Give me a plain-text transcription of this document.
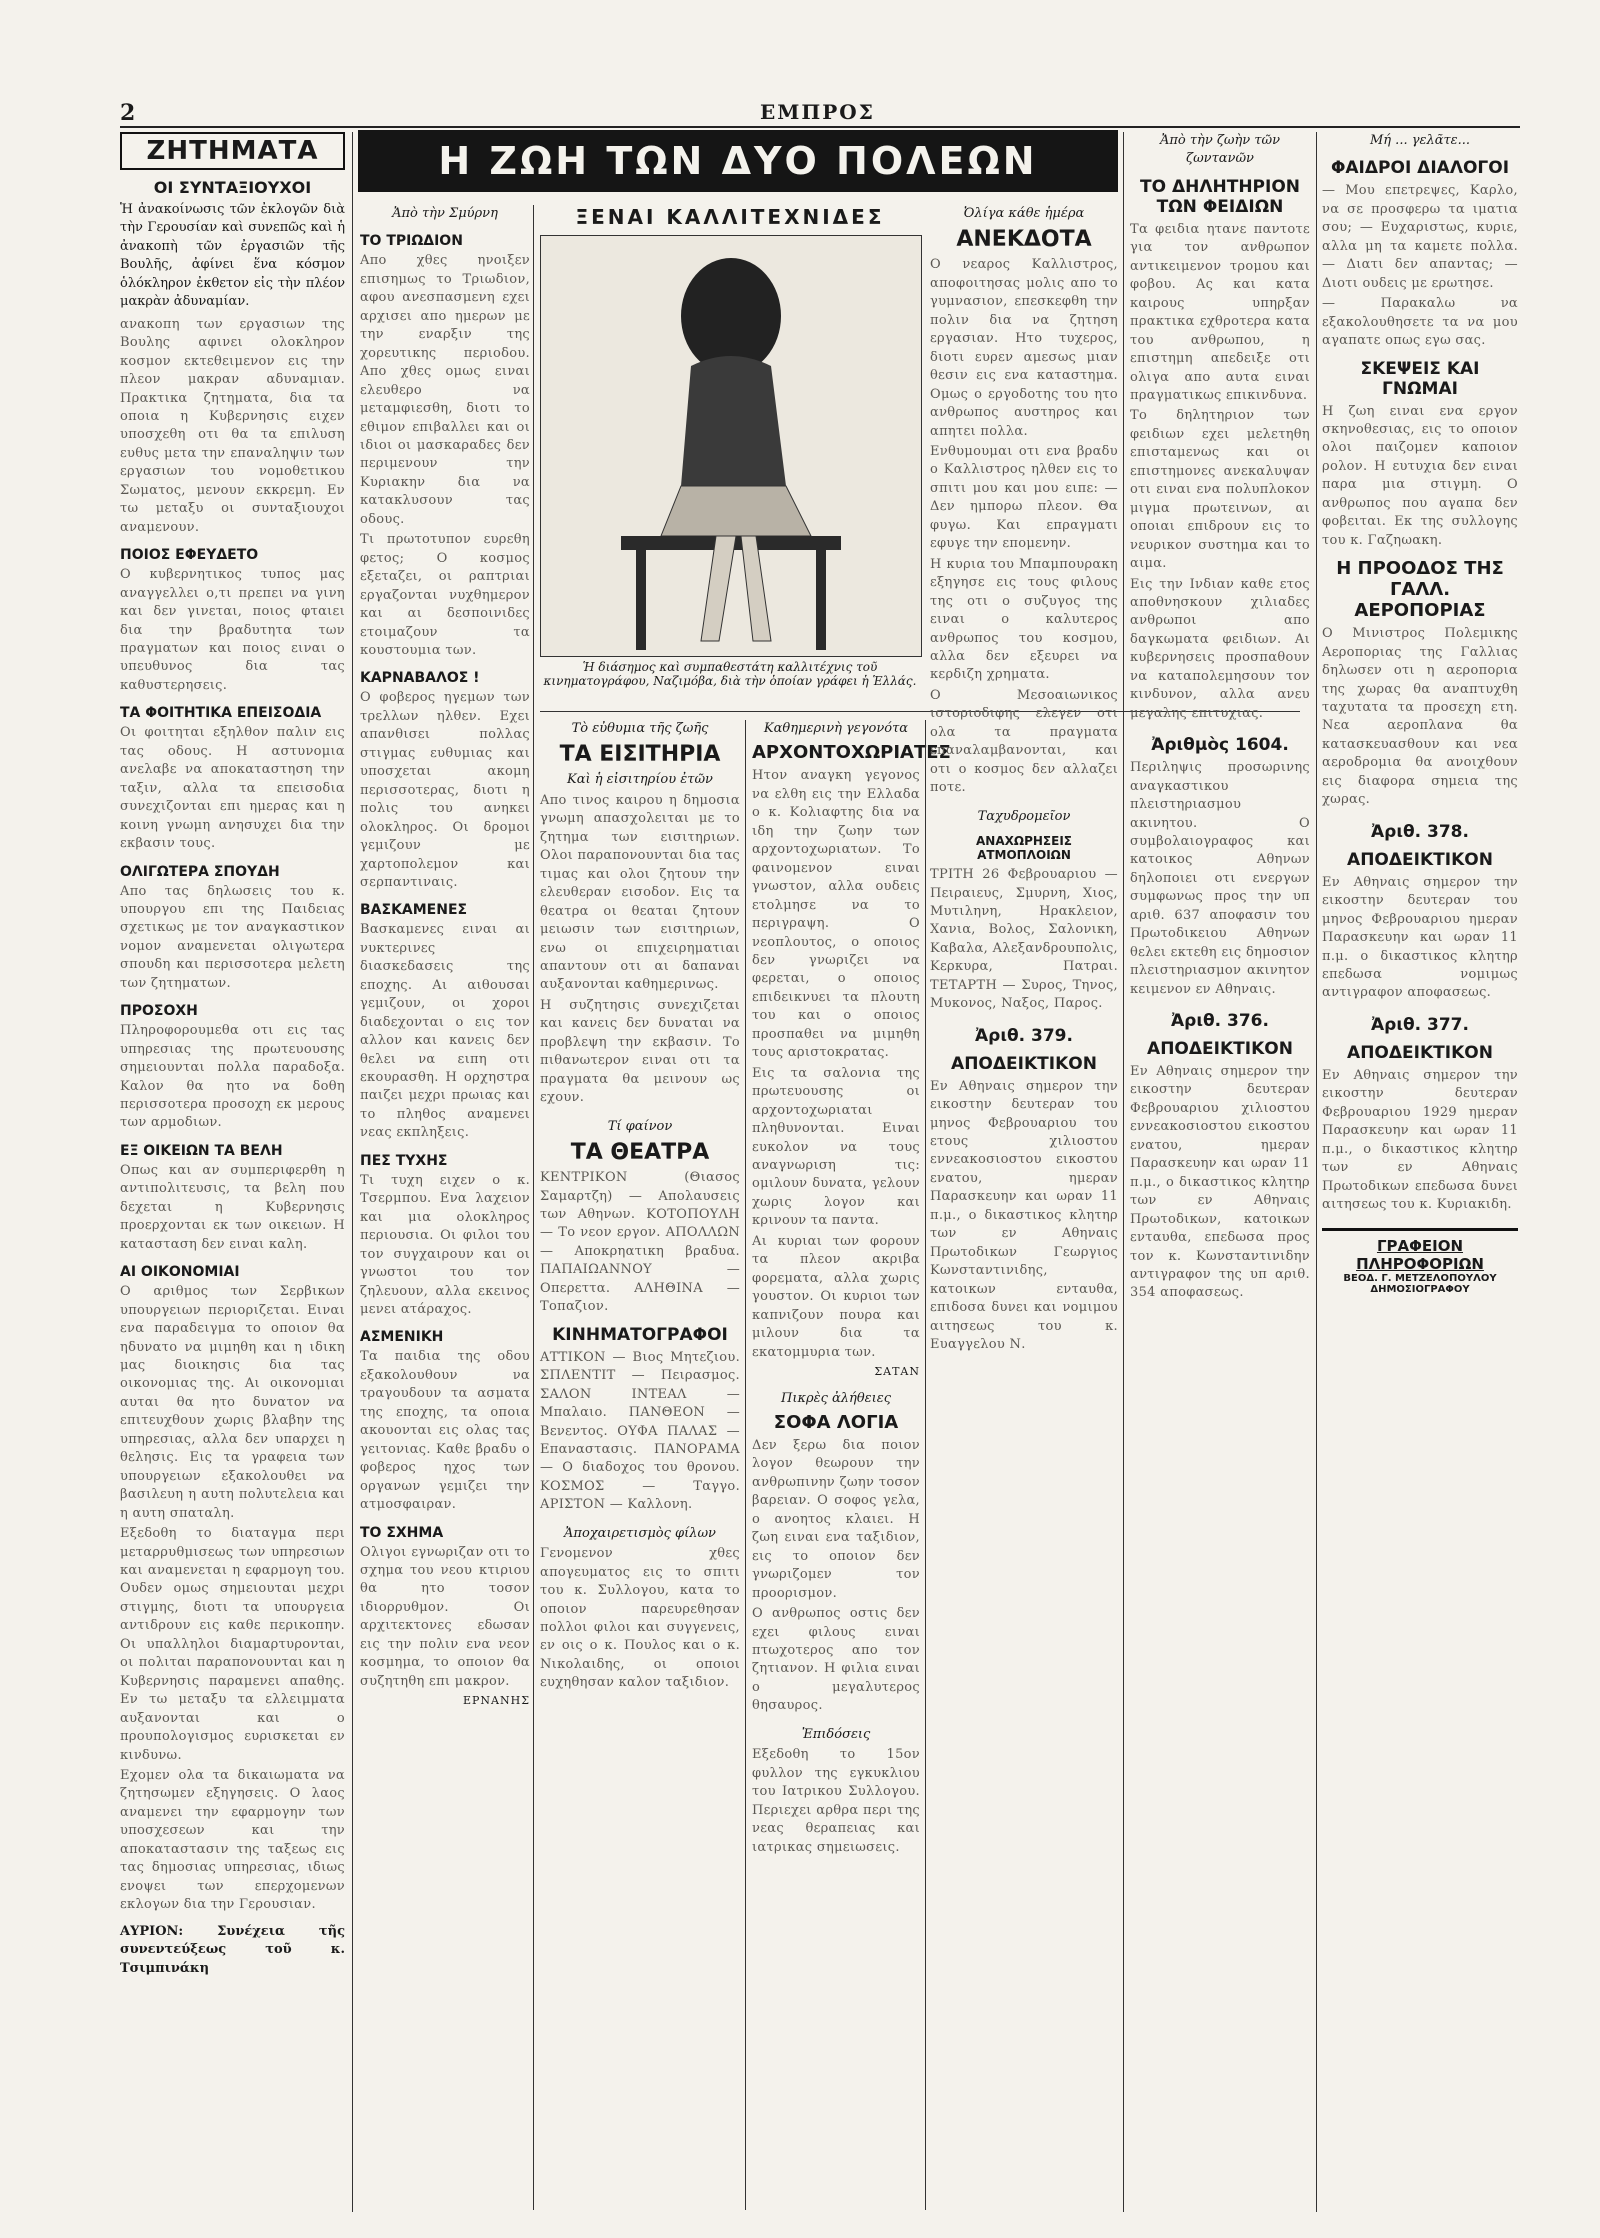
2	ΕΜΠΡΟΣ
ΖΗΤΗΜΑΤΑ
ΟΙ ΣΥΝΤΑΞΙΟΥΧΟΙ

Ἡ ἀνακοίνωσις τῶν ἐκλογῶν διὰ τὴν Γερουσίαν καὶ συνεπῶς καὶ ἡ ἀνακοπὴ τῶν ἐργασιῶν τῆς Βουλῆς, ἀφίνει ἕνα κόσμον ὁλόκληρον ἐκθετον εἰς τὴν πλέον μακρὰν ἀδυναμίαν.

ανακοπη των εργασιων της Βουλης αφινει ολοκληρον κοσμον εκτεθειμενον εις την πλεον μακραν αδυναμιαν. Πρακτικα ζητηματα, δια τα οποια η Κυβερνησις ειχεν υποσχεθη οτι θα τα επιλυση ευθυς μετα την επαναληψιν των εργασιων του νομοθετικου Σωματος, μενουν εκκρεμη. Εν τω μεταξυ οι συνταξιουχοι αναμενουν.

ΠΟΙΟΣ ΕΦΕΥΔΕΤΟ

Ο κυβερνητικος τυπος μας αναγγελλει ο,τι πρεπει να γινη και δεν γινεται, ποιος φταιει δια την βραδυτητα των πραγματων και ποιος ειναι ο υπευθυνος δια τας καθυστερησεις.

ΤΑ ΦΟΙΤΗΤΙΚΑ ΕΠΕΙΣΟΔΙΑ

Οι φοιτηται εξηλθον παλιν εις τας οδους. Η αστυνομια ανελαβε να αποκαταστηση την ταξιν, αλλα τα επεισοδια συνεχιζονται επι ημερας και η κοινη γνωμη ανησυχει δια την εκβασιν τους.

ΟΛΙΓΩΤΕΡΑ ΣΠΟΥΔΗ

Απο τας δηλωσεις του κ. υπουργου επι της Παιδειας σχετικως με τον αναγκαστικον νομον αναμενεται ολιγωτερα σπουδη και περισσοτερα μελετη των ζητηματων.

ΠΡΟΣΟΧΗ

Πληροφορουμεθα οτι εις τας υπηρεσιας της πρωτευουσης σημειουνται πολλα παραδοξα. Καλον θα ητο να δοθη περισσοτερα προσοχη εκ μερους των αρμοδιων.

ΕΞ ΟΙΚΕΙΩΝ ΤΑ ΒΕΛΗ

Οπως και αν συμπεριφερθη η αντιπολιτευσις, τα βελη που δεχεται η Κυβερνησις προερχονται εκ των οικειων. Η κατασταση δεν ειναι καλη.

ΑΙ ΟΙΚΟΝΟΜΙΑΙ

Ο αριθμος των Σερβικων υπουργειων περιοριζεται. Ειναι ενα παραδειγμα το οποιον θα ηδυνατο να μιμηθη και η ιδικη μας διοικησις δια τας οικονομιας της. Αι οικονομιαι αυται θα ητο δυνατον να επιτευχθουν χωρις βλαβην της υπηρεσιας, αλλα δεν υπαρχει η θελησις. Εις τα γραφεια των υπουργειων εξακολουθει να βασιλευη η αυτη πολυτελεια και η αυτη σπαταλη.

Εξεδοθη το διαταγμα περι μεταρρυθμισεως των υπηρεσιων και αναμενεται η εφαρμογη του. Ουδεν ομως σημειουται μεχρι στιγμης, διοτι τα υπουργεια αντιδρουν εις καθε περικοπην. Οι υπαλληλοι διαμαρτυρονται, οι πολιται παραπονουνται και η Κυβερνησις παραμενει απαθης. Εν τω μεταξυ τα ελλειμματα αυξανονται και ο προυπολογισμος ευρισκεται εν κινδυνω.

Εχομεν ολα τα δικαιωματα να ζητησωμεν εξηγησεις. Ο λαος αναμενει την εφαρμογην των υποσχεσεων και την αποκαταστασιν της ταξεως εις τας δημοσιας υπηρεσιας, ιδιως ενοψει των επερχομενων εκλογων δια την Γερουσιαν.

ΑΥΡΙΟΝ: Συνέχεια τῆς συνεντεύξεως τοῦ κ. Τσιμπινάκη

Η ΖΩΗ ΤΩΝ ΔΥΟ ΠΟΛΕΩΝ
Ἀπὸ τὴν Σμύρνη
ΤΟ ΤΡΙΩΔΙΟΝ

Απο χθες ηνοιξεν επισημως το Τριωδιον, αφου ανεσπασμενη εχει αρχισει απο ημερων με την εναρξιν της χορευτικης περιοδου. Απο χθες ομως ειναι ελευθερο να μεταμφιεσθη, διοτι το εθιμον επιβαλλει και οι ιδιοι οι μασκαραδες δεν περιμενουν την Κυριακην δια να κατακλυσουν τας οδους.

Τι πρωτοτυπον ευρεθη φετος; Ο κοσμος εξεταζει, οι ραπτριαι εργαζονται νυχθημερον και αι δεσποινιδες ετοιμαζουν τα κουστουμια των.

ΚΑΡΝΑΒΑΛΟΣ !

Ο φοβερος ηγεμων των τρελλων ηλθεν. Εχει απανθισει πολλας στιγμας ευθυμιας και υποσχεται ακομη περισσοτερας, διοτι η πολις του ανηκει ολοκληρος. Οι δρομοι γεμιζουν με χαρτοπολεμον και σερπαντιναις.

ΒΑΣΚΑΜΕΝΕΣ

Βασκαμενες ειναι αι νυκτερινες διασκεδασεις της εποχης. Αι αιθουσαι γεμιζουν, οι χοροι διαδεχονται ο εις τον αλλον και κανεις δεν θελει να ειπη οτι εκουρασθη. Η ορχηστρα παιζει μεχρι πρωιας και το πληθος αναμενει νεας εκπληξεις.

ΠΕΣ ΤΥΧΗΣ

Τι τυχη ειχεν ο κ. Τσερμπου. Ενα λαχειον και μια ολοκληρος περιουσια. Οι φιλοι του τον συγχαιρουν και οι γνωστοι του τον ζηλευουν, αλλα εκεινος μενει ατάραχος.

ΑΣΜΕΝΙΚΗ

Τα παιδια της οδου εξακολουθουν να τραγουδουν τα ασματα της εποχης, τα οποια ακουονται εις ολας τας γειτονιας. Καθε βραδυ ο φοβερος ηχος των οργανων γεμιζει την ατμοσφαιραν.

ΤΟ ΣΧΗΜΑ

Ολιγοι εγνωριζαν οτι το σχημα του νεου κτιριου θα ητο τοσον ιδιορρυθμον. Οι αρχιτεκτονες εδωσαν εις την πολιν ενα νεον κοσμημα, το οποιον θα συζητηθη επι μακρον.

ΕΡΝΑΝΗΣ
ΞΕΝΑΙ ΚΑΛΛΙΤΕΧΝΙΔΕΣ
Ἡ διάσημος καὶ συμπαθεστάτη καλλιτέχνις τοῦ κινηματογράφου, Ναζιμόβα, διὰ τὴν ὁποίαν γράφει ἡ Ἑλλάς.
Τὸ εὐθυμια τῆς ζωῆς
ΤΑ ΕΙΣΙΤΗΡΙΑ
Καὶ ἡ εἰσιτηρίου ἐτῶν

Απο τινος καιρου η δημοσια γνωμη απασχολειται με το ζητημα των εισιτηριων. Ολοι παραπονουνται δια τας τιμας και ολοι ζητουν την ελευθεραν εισοδον. Εις τα θεατρα οι θεαται ζητουν μειωσιν των εισιτηριων, ενω οι επιχειρηματιαι απαντουν οτι αι δαπαναι αυξανονται καθημερινως.

Η συζητησις συνεχιζεται και κανεις δεν δυναται να προβλεψη την εκβασιν. Το πιθανωτερον ειναι οτι τα πραγματα θα μεινουν ως εχουν.

Τί φαίνον
ΤΑ ΘΕΑΤΡΑ

ΚΕΝΤΡΙΚΟΝ (Θιασος Σαμαρτζη) — Απολαυσεις των Αθηνων. ΚΟΤΟΠΟΥΛΗ — Το νεον εργον. ΑΠΟΛΛΩΝ — Αποκρηατικη βραδυα. ΠΑΠΑΙΩΑΝΝΟΥ — Οπερεττα. ΑΛΗΘΙΝΑ — Τοπαζιον.

ΚΙΝΗΜΑΤΟΓΡΑΦΟΙ

ΑΤΤΙΚΟΝ — Βιος Μητεζιου. ΣΠΛΕΝΤΙΤ — Πειρασμος. ΣΑΛΟΝ ΙΝΤΕΑΛ — Μπαλαιο. ΠΑΝΘΕΟΝ — Βενεντος. ΟΥΦΑ ΠΑΛΑΣ — Επαναστασις. ΠΑΝΟΡΑΜΑ — Ο διαδοχος του θρονου. ΚΟΣΜΟΣ — Ταγγο. ΑΡΙΣΤΟΝ — Καλλονη.

Ἀποχαιρετισμὸς φίλων

Γενομενον χθες απογευματος εις το σπιτι του κ. Συλλογου, κατα το οποιον παρευρεθησαν πολλοι φιλοι και συγγενεις, εν οις ο κ. Πουλος και ο κ. Νικολαιδης, οι οποιοι ευχηθησαν καλον ταξιδιον.

Καθημερινὴ γεγονότα
ΑΡΧΟΝΤΟΧΩΡΙΑΤΕΣ

Ητον αναγκη γεγονος να ελθη εις την Ελλαδα ο κ. Κολιαφτης δια να ιδη την ζωην των αρχοντοχωριατων. Το φαινομενον ειναι γνωστον, αλλα ουδεις ετολμησε να το περιγραψη. Ο νεοπλουτος, ο οποιος δεν γνωριζει να φερεται, ο οποιος επιδεικνυει τα πλουτη του και ο οποιος προσπαθει να μιμηθη τους αριστοκρατας.

Εις τα σαλονια της πρωτευουσης οι αρχοντοχωριαται πληθυνονται. Ειναι ευκολον να τους αναγνωριση τις: ομιλουν δυνατα, γελουν χωρις λογον και κρινουν τα παντα.

Αι κυριαι των φορουν τα πλεον ακριβα φορεματα, αλλα χωρις γουστον. Οι κυριοι των καπνιζουν πουρα και μιλουν δια τα εκατομμυρια των.

ΣΑΤΑΝ
Πικρὲς ἀλήθειες
ΣΟΦΑ ΛΟΓΙΑ

Δεν ξερω δια ποιον λογον θεωρουν την ανθρωπινην ζωην τοσον βαρειαν. Ο σοφος γελα, ο ανοητος κλαιει. Η ζωη ειναι ενα ταξιδιον, εις το οποιον δεν γνωριζομεν τον προορισμον.

Ο ανθρωπος οστις δεν εχει φιλους ειναι πτωχοτερος απο τον ζητιανον. Η φιλια ειναι ο μεγαλυτερος θησαυρος.

Ἐπιδόσεις

Εξεδοθη το 15ον φυλλον της εγκυκλιου του Ιατρικου Συλλογου. Περιεχει αρθρα περι της νεας θεραπειας και ιατρικας σημειωσεις.

Ὀλίγα κάθε ἡμέρα
ΑΝΕΚΔΟΤΑ

Ο νεαρος Καλλιστρος, αποφοιτησας μολις απο το γυμνασιον, επεσκεφθη την πολιν δια να ζητηση εργασιαν. Ητο τυχερος, διοτι ευρεν αμεσως μιαν θεσιν εις ενα καταστημα. Ομως ο εργοδοτης του ητο ανθρωπος αυστηρος και απητει πολλα.

Ενθυμουμαι οτι ενα βραδυ ο Καλλιστρος ηλθεν εις το σπιτι μου και μου ειπε: — Δεν ημπορω πλεον. Θα φυγω. Και επραγματι εφυγε την επομενην.

Η κυρια του Μπαμπουρακη εξηγησε εις τους φιλους της οτι ο συζυγος της ειναι ο καλυτερος ανθρωπος του κοσμου, αλλα δεν εξευρει να κερδιζη χρηματα.

Ο Μεσοαιωνικος ιστοριοδιφης ελεγεν οτι ολα τα πραγματα επαναλαμβανονται, και οτι ο κοσμος δεν αλλαζει ποτε.

Ταχυδρομεῖον
ΑΝΑΧΩΡΗΣΕΙΣ ΑΤΜΟΠΛΟΙΩΝ

ΤΡΙΤΗ 26 Φεβρουαριου — Πειραιευς, Σμυρνη, Χιος, Μυτιληνη, Ηρακλειον, Χανια, Βολος, Σαλονικη, Καβαλα, Αλεξανδρουπολις, Κερκυρα, Πατραι. ΤΕΤΑΡΤΗ — Συρος, Τηνος, Μυκονος, Ναξος, Παρος.

Ἀριθ. 379.
ΑΠΟΔΕΙΚΤΙΚΟΝ

Εν Αθηναις σημερον την εικοστην δευτεραν του μηνος Φεβρουαριου του ετους χιλιοστου εννεακοσιοστου εικοστου ενατου, ημεραν Παρασκευην και ωραν 11 π.μ., ο δικαστικος κλητηρ των εν Αθηναις Πρωτοδικων Γεωργιος Κωνσταντινιδης, κατοικων ενταυθα, επιδοσα δυνει και νομιμου αιτησεως του κ. Ευαγγελου Ν.

Ἀπὸ τὴν ζωὴν τῶν ζωντανῶν
ΤΟ ΔΗΛΗΤΗΡΙΟΝ ΤΩΝ ΦΕΙΔΙΩΝ

Τα φειδια ητανε παντοτε για τον ανθρωπον αντικειμενον τρομου και φοβου. Ας και κατα καιρους υπηρξαν πρακτικα εχθροτερα κατα του ανθρωπου, η επιστημη απεδειξε οτι ολιγα απο αυτα ειναι πραγματικως επικινδυνα.

Το δηλητηριον των φειδιων εχει μελετηθη επισταμενως και οι επιστημονες ανεκαλυψαν οτι ειναι ενα πολυπλοκον μιγμα πρωτεινων, αι οποιαι επιδρουν εις το νευρικον συστημα και το αιμα.

Εις την Ινδιαν καθε ετος αποθνησκουν χιλιαδες ανθρωποι απο δαγκωματα φειδιων. Αι κυβερνησεις προσπαθουν να καταπολεμησουν τον κινδυνον, αλλα ανευ μεγαλης επιτυχιας.

Ἀριθμὸς 1604.

Περιληψις προσωρινης αναγκαστικου πλειστηριασμου ακινητου. Ο συμβολαιογραφος και κατοικος Αθηνων δηλοποιει οτι ενεργων συμφωνως προς την υπ αριθ. 637 αποφασιν του Πρωτοδικειου Αθηνων θελει εκτεθη εις δημοσιον πλειστηριασμον ακινητον κειμενον εν Αθηναις.

Ἀριθ. 376.
ΑΠΟΔΕΙΚΤΙΚΟΝ

Εν Αθηναις σημερον την εικοστην δευτεραν Φεβρουαριου χιλιοστου εννεακοσιοστου εικοστου ενατου, ημεραν Παρασκευην και ωραν 11 π.μ., ο δικαστικος κλητηρ των εν Αθηναις Πρωτοδικων, κατοικων ενταυθα, επεδωσα προς τον κ. Κωνσταντινιδην αντιγραφον της υπ αριθ. 354 αποφασεως.

Μή ... γελᾶτε...
ΦΑΙΔΡΟΙ ΔΙΑΛΟΓΟΙ

— Μου επετρεψες, Καρλο, να σε προσφερω τα ιματια σου; — Ευχαριστως, κυριε, αλλα μη τα καμετε πολλα. — Διατι δεν απαντας; — Διοτι ουδεις με ερωτησε.

— Παρακαλω να εξακολουθησετε τα να μου αγαπατε οπως εγω σας.

ΣΚΕΨΕΙΣ ΚΑΙ ΓΝΩΜΑΙ

Η ζωη ειναι ενα εργον σκηνοθεσιας, εις το οποιον ολοι παιζομεν καποιον ρολον. Η ευτυχια δεν ειναι παρα μια στιγμη. Ο ανθρωπος που αγαπα δεν φοβειται. Εκ της συλλογης του κ. Γαζηωακη.

Η ΠΡΟΟΔΟΣ ΤΗΣ ΓΑΛΛ. ΑΕΡΟΠΟΡΙΑΣ

Ο Μινιστρος Πολεμικης Αεροποριας της Γαλλιας δηλωσεν οτι η αεροπορια της χωρας θα αναπτυχθη ταχυτατα τα προσεχη ετη. Νεα αεροπλανα θα κατασκευασθουν και νεα αεροδρομια θα ανοιχθουν εις διαφορα σημεια της χωρας.

Ἀριθ. 378.
ΑΠΟΔΕΙΚΤΙΚΟΝ

Εν Αθηναις σημερον την εικοστην δευτεραν του μηνος Φεβρουαριου ημεραν Παρασκευην και ωραν 11 π.μ. ο δικαστικος κλητηρ επεδωσα νομιμως αντιγραφον αποφασεως.

Ἀριθ. 377.
ΑΠΟΔΕΙΚΤΙΚΟΝ

Εν Αθηναις σημερον την εικοστην δευτεραν Φεβρουαριου 1929 ημεραν Παρασκευην και ωραν 11 π.μ., ο δικαστικος κλητηρ των εν Αθηναις Πρωτοδικων επεδωσα δυνει αιτησεως του κ. Κυριακιδη.

ΓΡΑΦΕΙΟΝ ΠΛΗΡΟΦΟΡΙΩΝ
ΒΕΟΔ. Γ. ΜΕΤΖΕΛΟΠΟΥΛΟΥ ΔΗΜΟΣΙΟΓΡΑΦΟΥ
